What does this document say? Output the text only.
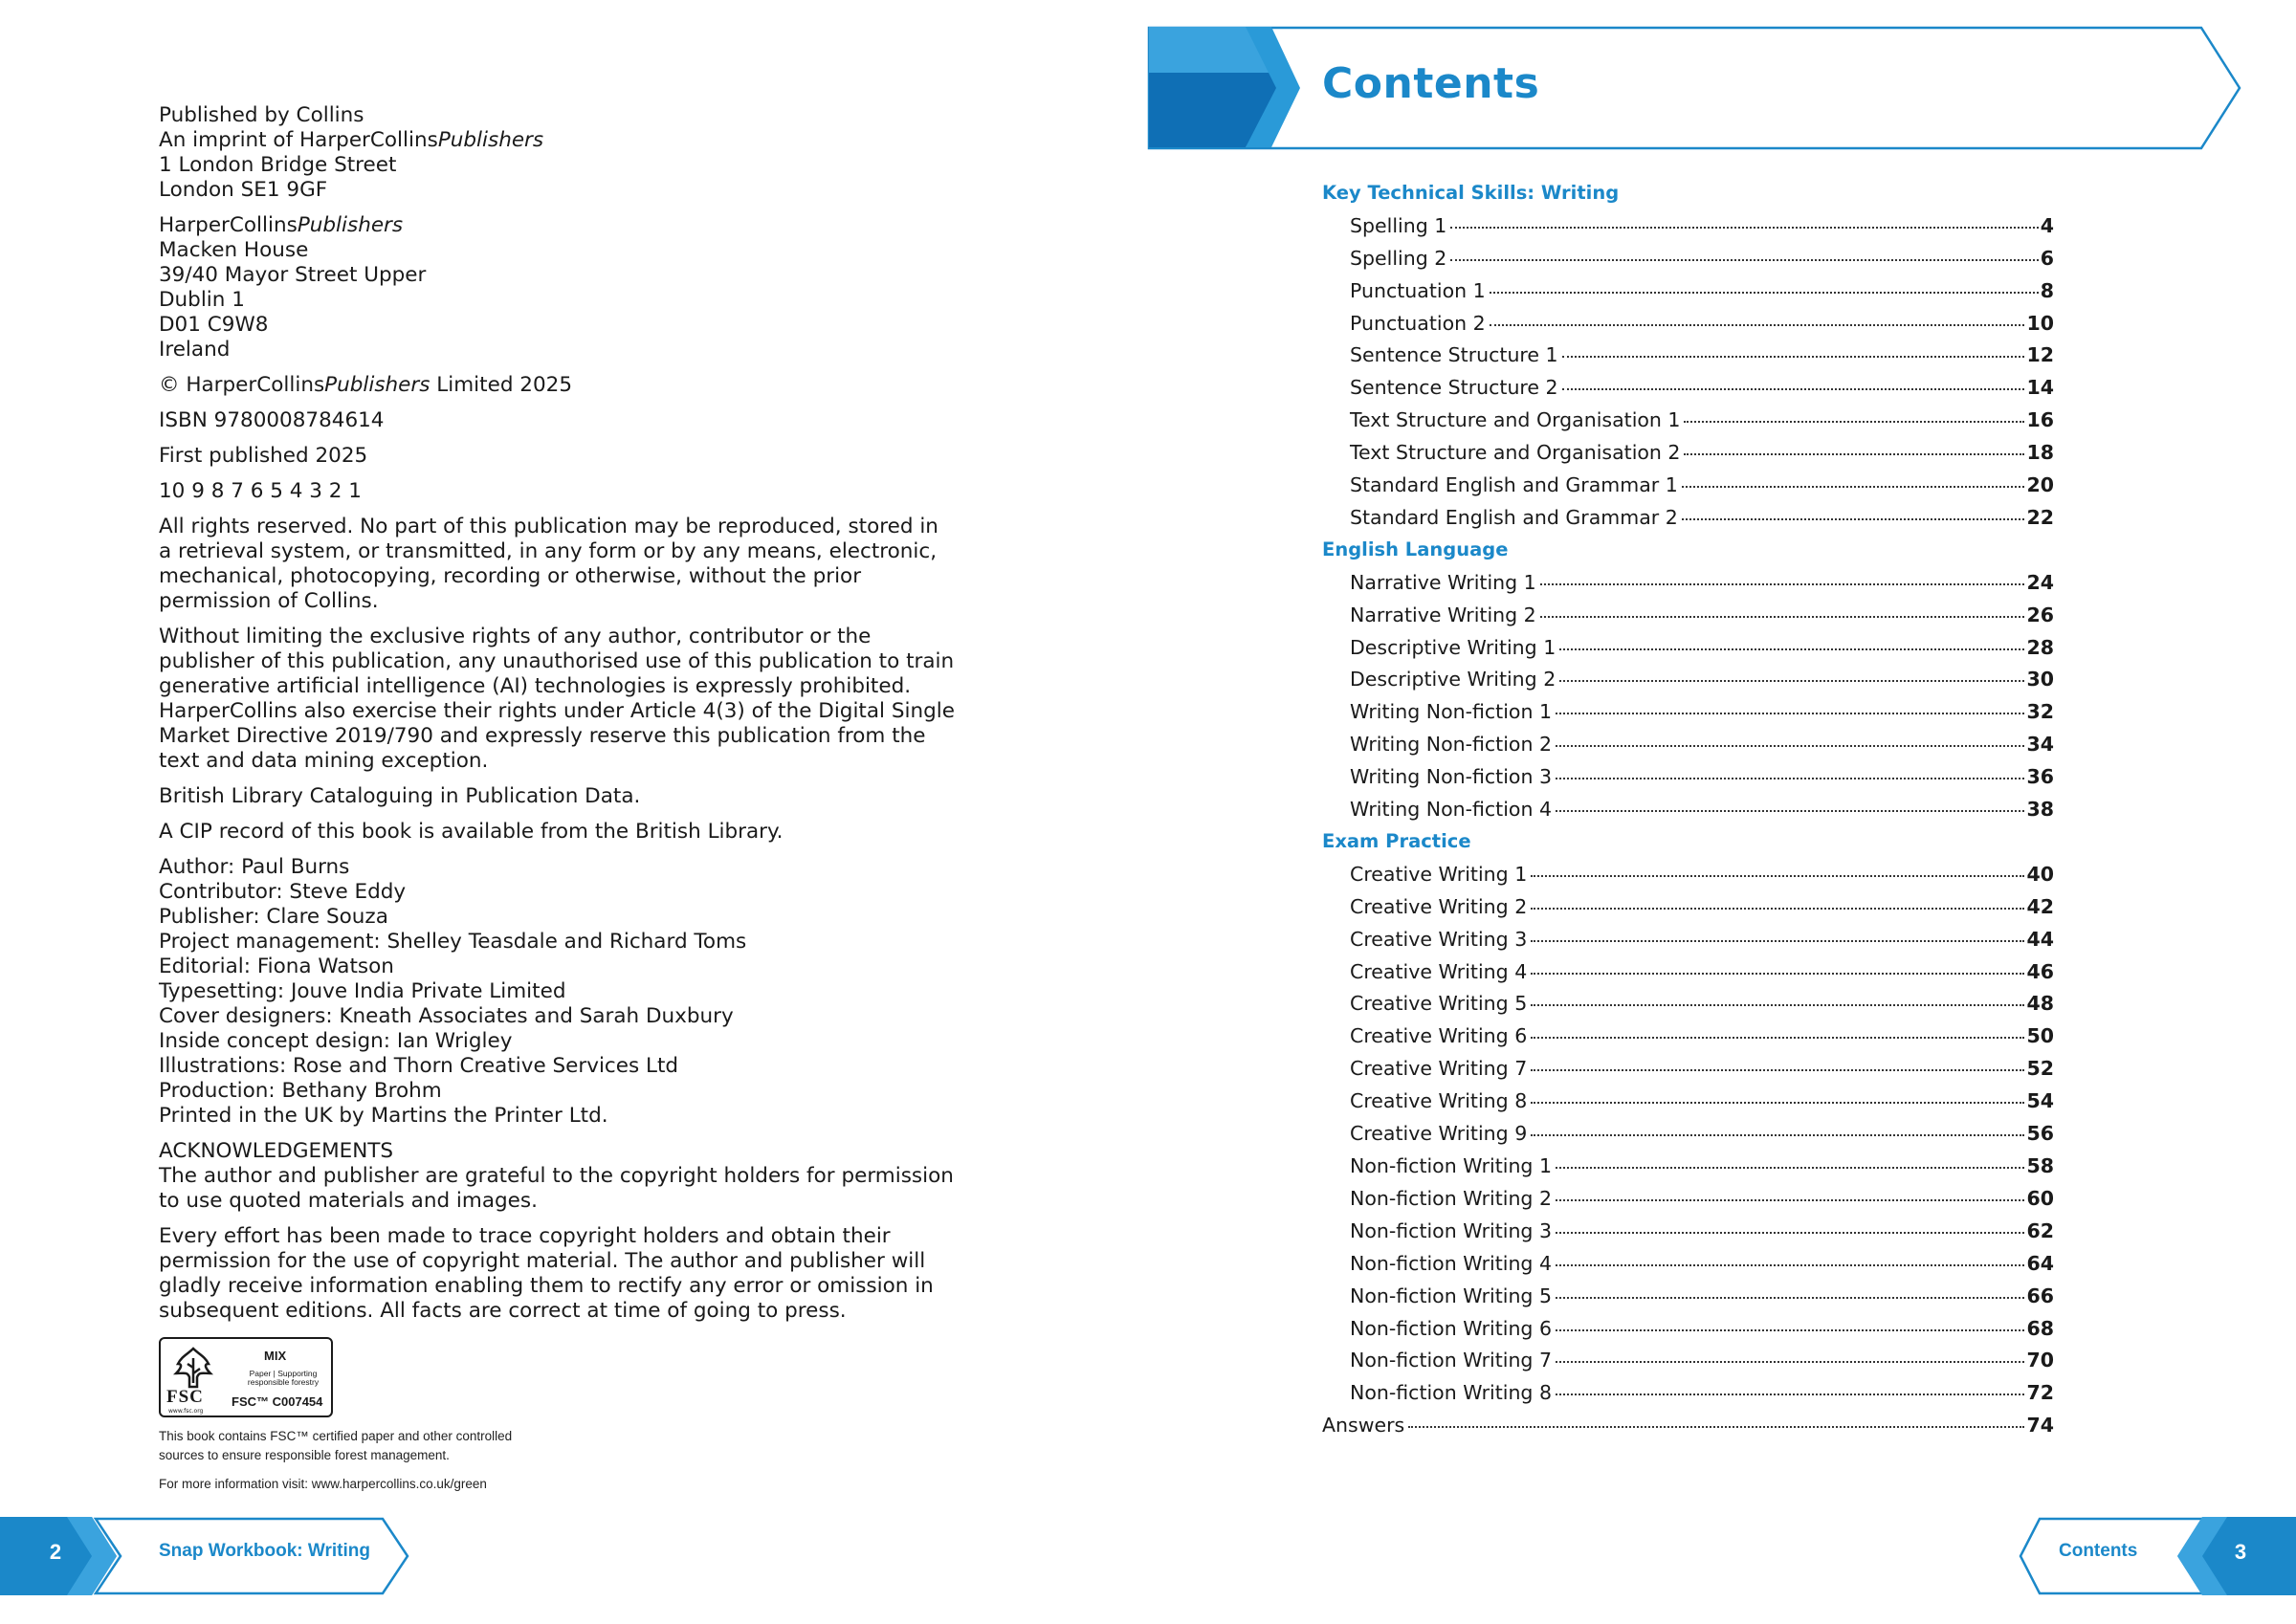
Published by Collins
An imprint of HarperCollinsPublishers
1 London Bridge Street
London SE1 9GF
HarperCollinsPublishers
Macken House
39/40 Mayor Street Upper
Dublin 1
D01 C9W8
Ireland
© HarperCollinsPublishers Limited 2025
ISBN 9780008784614
First published 2025
10 9 8 7 6 5 4 3 2 1
All rights reserved. No part of this publication may be reproduced, stored in
a retrieval system, or transmitted, in any form or by any means, electronic,
mechanical, photocopying, recording or otherwise, without the prior
permission of Collins.
Without limiting the exclusive rights of any author, contributor or the
publisher of this publication, any unauthorised use of this publication to train
generative artificial intelligence (AI) technologies is expressly prohibited.
HarperCollins also exercise their rights under Article 4(3) of the Digital Single
Market Directive 2019/790 and expressly reserve this publication from the
text and data mining exception.
British Library Cataloguing in Publication Data.
A CIP record of this book is available from the British Library.
Author: Paul Burns
Contributor: Steve Eddy
Publisher: Clare Souza
Project management: Shelley Teasdale and Richard Toms
Editorial: Fiona Watson
Typesetting: Jouve India Private Limited
Cover designers: Kneath Associates and Sarah Duxbury
Inside concept design: Ian Wrigley
Illustrations: Rose and Thorn Creative Services Ltd
Production: Bethany Brohm
Printed in the UK by Martins the Printer Ltd.
ACKNOWLEDGEMENTS
The author and publisher are grateful to the copyright holders for permission
to use quoted materials and images.
Every effort has been made to trace copyright holders and obtain their
permission for the use of copyright material. The author and publisher will
gladly receive information enabling them to rectify any error or omission in
subsequent editions. All facts are correct at time of going to press.
FSC
www.fsc.org
MIX
Paper | Supporting responsible forestry
FSC™ C007454
This book contains FSC™ certified paper and other controlled
sources to ensure responsible forest management.
For more information visit: www.harpercollins.co.uk/green
2	Snap Workbook: Writing
Contents
Key Technical Skills: Writing
Spelling 1	4
Spelling 2	6
Punctuation 1	8
Punctuation 2	10
Sentence Structure 1	12
Sentence Structure 2	14
Text Structure and Organisation 1	16
Text Structure and Organisation 2	18
Standard English and Grammar 1	20
Standard English and Grammar 2	22
English Language
Narrative Writing 1	24
Narrative Writing 2	26
Descriptive Writing 1	28
Descriptive Writing 2	30
Writing Non-fiction 1	32
Writing Non-fiction 2	34
Writing Non-fiction 3	36
Writing Non-fiction 4	38
Exam Practice
Creative Writing 1	40
Creative Writing 2	42
Creative Writing 3	44
Creative Writing 4	46
Creative Writing 5	48
Creative Writing 6	50
Creative Writing 7	52
Creative Writing 8	54
Creative Writing 9	56
Non-fiction Writing 1	58
Non-fiction Writing 2	60
Non-fiction Writing 3	62
Non-fiction Writing 4	64
Non-fiction Writing 5	66
Non-fiction Writing 6	68
Non-fiction Writing 7	70
Non-fiction Writing 8	72
Answers	74
Contents	3
